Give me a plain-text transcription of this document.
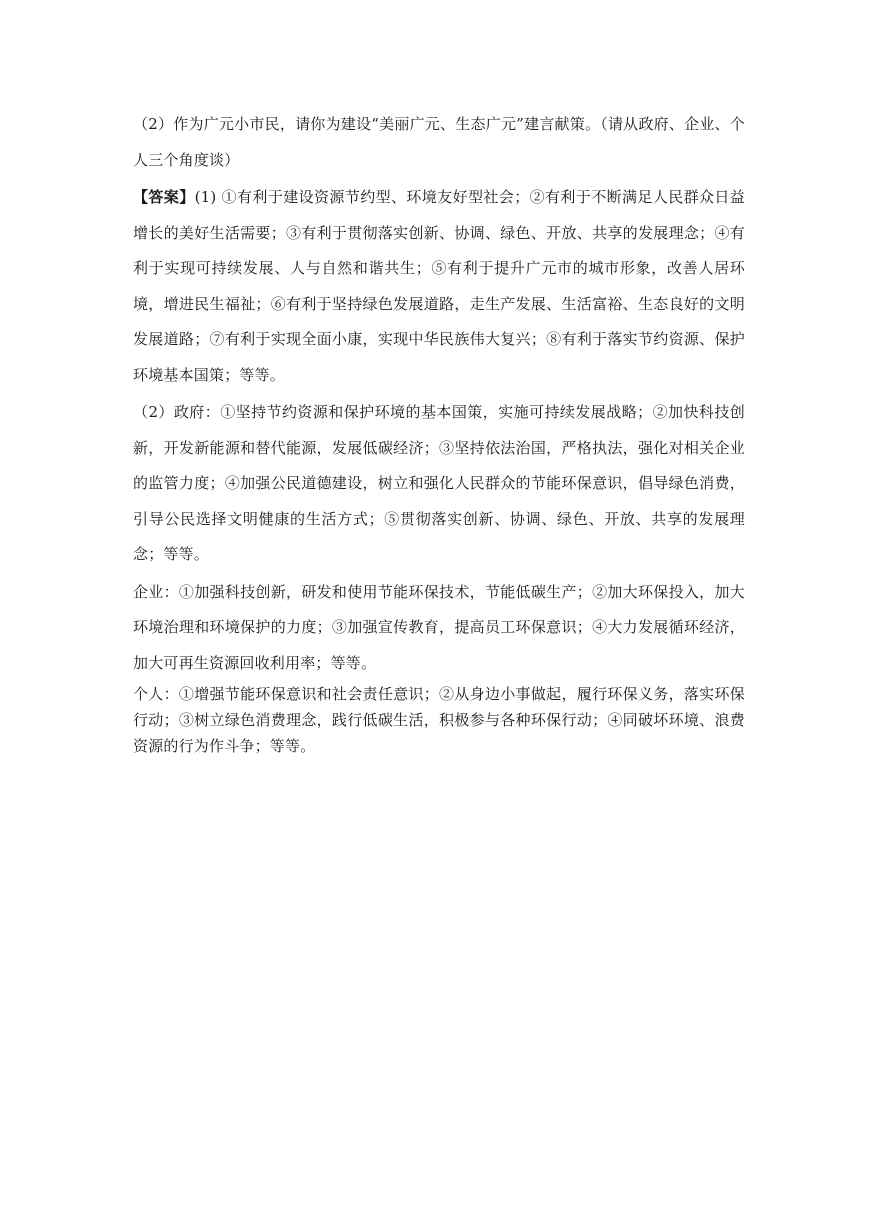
（2）作为广元小市民，请你为建设“美丽广元、生态广元”建言献策。（请从政府、企业、个人三个角度谈）

【答案】(1) ①有利于建设资源节约型、环境友好型社会；②有利于不断满足人民群众日益增长的美好生活需要；③有利于贯彻落实创新、协调、绿色、开放、共享的发展理念；④有利于实现可持续发展、人与自然和谐共生；⑤有利于提升广元市的城市形象，改善人居环境，增进民生福祉；⑥有利于坚持绿色发展道路，走生产发展、生活富裕、生态良好的文明发展道路；⑦有利于实现全面小康，实现中华民族伟大复兴；⑧有利于落实节约资源、保护环境基本国策；等等。

（2）政府：①坚持节约资源和保护环境的基本国策，实施可持续发展战略；②加快科技创新，开发新能源和替代能源，发展低碳经济；③坚持依法治国，严格执法，强化对相关企业的监管力度；④加强公民道德建设，树立和强化人民群众的节能环保意识，倡导绿色消费，引导公民选择文明健康的生活方式；⑤贯彻落实创新、协调、绿色、开放、共享的发展理念；等等。

企业：①加强科技创新，研发和使用节能环保技术，节能低碳生产；②加大环保投入，加大环境治理和环境保护的力度；③加强宣传教育，提高员工环保意识；④大力发展循环经济，加大可再生资源回收利用率；等等。

个人：①增强节能环保意识和社会责任意识；②从身边小事做起，履行环保义务，落实环保行动；③树立绿色消费理念，践行低碳生活，积极参与各种环保行动；④同破坏环境、浪费资源的行为作斗争；等等。
